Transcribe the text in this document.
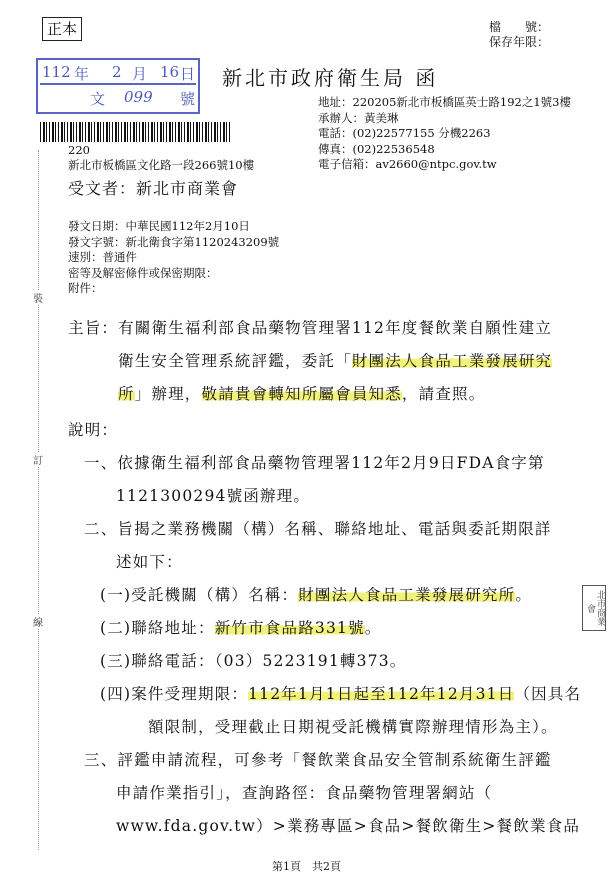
正本	檔　　號：
保存年限：
112 年 2 月 16 日
文 099 號
新北市政府衛生局 函
地址：220205新北市板橋區英士路192之1號3樓
承辦人：黃美琳
電話：(02)22577155 分機2263
傳真：(02)22536548
電子信箱：av2660@ntpc.gov.tw
220
新北市板橋區文化路一段266號10樓
受文者：新北市商業會
發文日期：中華民國112年2月10日
發文字號：新北衛食字第1120243209號
速別：普通件
密等及解密條件或保密期限：
附件：
裝
訂
線
主旨：有關衛生福利部食品藥物管理署112年度餐飲業自願性建立
衛生安全管理系統評鑑，委託「財團法人食品工業發展研究
所」辦理，敬請貴會轉知所屬會員知悉，請查照。
說明：
一、依據衛生福利部食品藥物管理署112年2月9日FDA食字第
1121300294號函辦理。
二、旨揭之業務機關（構）名稱、聯絡地址、電話與委託期限詳
述如下：
(一)受託機關（構）名稱：財團法人食品工業發展研究所。
(二)聯絡地址：新竹市食品路331號。
(三)聯絡電話：（03）5223191轉373。
(四)案件受理期限：112年1月1日起至112年12月31日（因具名
額限制，受理截止日期視受託機構實際辦理情形為主）。
三、評鑑申請流程，可參考「餐飲業食品安全管制系統衛生評鑑
申請作業指引」，查詢路徑：食品藥物管理署網站（
www.fda.gov.tw）>業務專區>食品>餐飲衛生>餐飲業食品
北市商業會
第1頁　共2頁
